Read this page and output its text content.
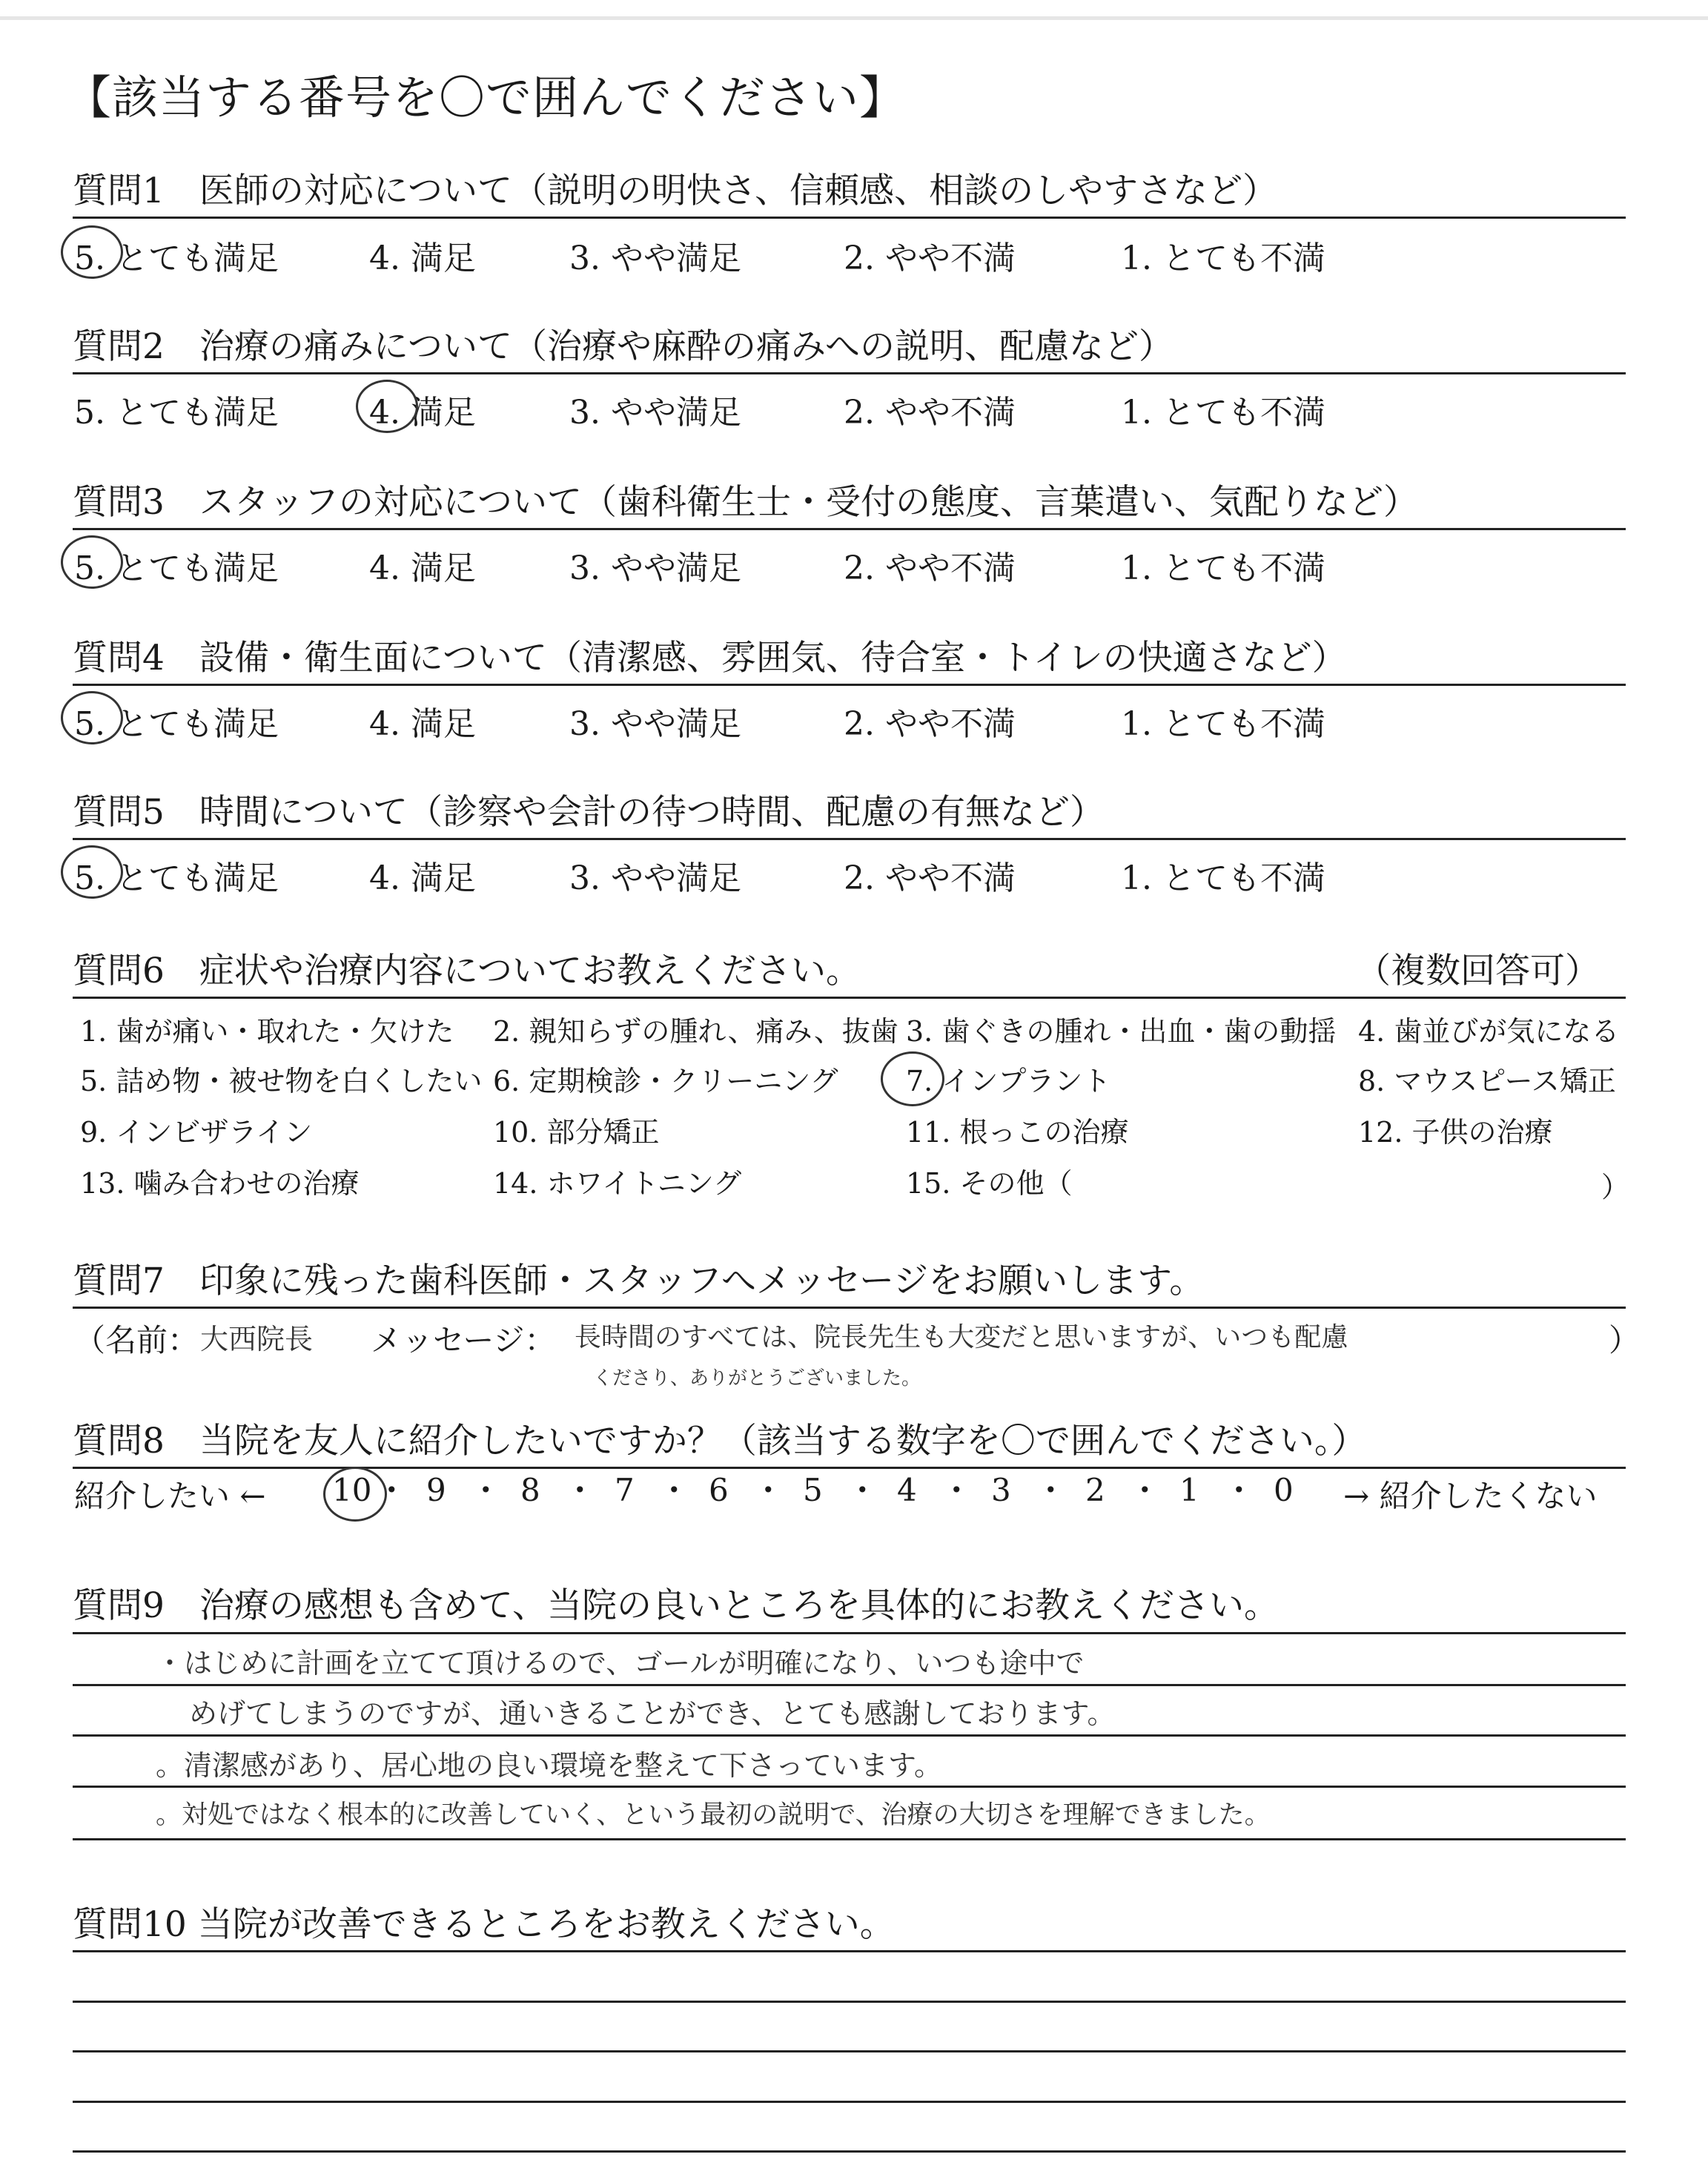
【該当する番号を〇で囲んでください】
質問1　医師の対応について（説明の明快さ、信頼感、相談のしやすさなど）
質問2　治療の痛みについて（治療や麻酔の痛みへの説明、配慮など）
質問3　スタッフの対応について（歯科衛生士・受付の態度、言葉遣い、気配りなど）
質問4　設備・衛生面について（清潔感、雰囲気、待合室・トイレの快適さなど）
質問5　時間について（診察や会計の待つ時間、配慮の有無など）
5. とても満足	4. 満足	3. やや満足	2. やや不満	1. とても不満
5. とても満足	4. 満足	3. やや満足	2. やや不満	1. とても不満
5. とても満足	4. 満足	3. やや満足	2. やや不満	1. とても不満
5. とても満足	4. 満足	3. やや満足	2. やや不満	1. とても不満
5. とても満足	4. 満足	3. やや満足	2. やや不満	1. とても不満
質問6　症状や治療内容についてお教えください。	（複数回答可）
1. 歯が痛い・取れた・欠けた 2. 親知らずの腫れ、痛み、抜歯 3. 歯ぐきの腫れ・出血・歯の動揺 4. 歯並びが気になる
5. 詰め物・被せ物を白くしたい 6. 定期検診・クリーニング 7. インプラント	8. マウスピース矯正
9. インビザライン	10. 部分矯正	11. 根っこの治療	12. 子供の治療
13. 噛み合わせの治療	14. ホワイトニング	15. その他（	）
質問7　印象に残った歯科医師・スタッフへメッセージをお願いします。
（名前： 大西院長 メッセージ： 長時間のすべては、院長先生も大変だと思いますが、いつも配慮
くださり、ありがとうございました。
）
質問8　当院を友人に紹介したいですか？（該当する数字を〇で囲んでください。）
紹介したい ← 10 • 9 • 8 • 7 • 6 • 5 • 4 • 3 • 2 • 1 • 0 → 紹介したくない
質問9　治療の感想も含めて、当院の良いところを具体的にお教えください。
・はじめに計画を立てて頂けるので、ゴールが明確になり、いつも途中で
めげてしまうのですが、通いきることができ、とても感謝しております。
。清潔感があり、居心地の良い環境を整えて下さっています。
。対処ではなく根本的に改善していく、という最初の説明で、治療の大切さを理解できました。
質問10 当院が改善できるところをお教えください。
